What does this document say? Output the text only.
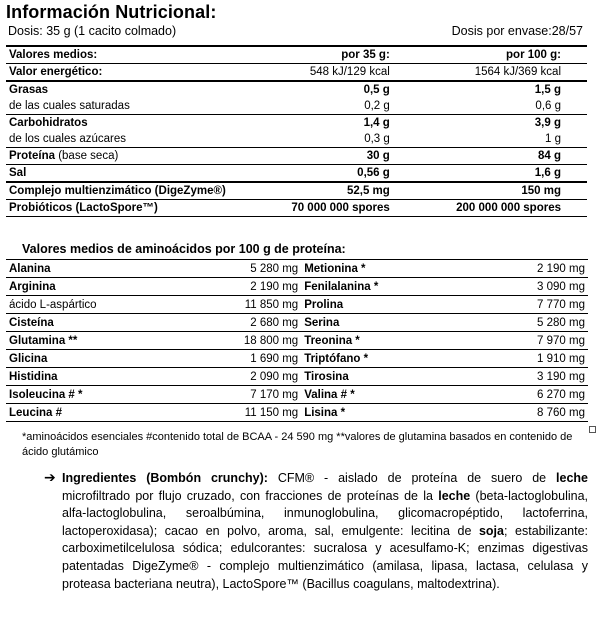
Información Nutricional:
Dosis: 35 g (1 cacito colmado)	Dosis por envase:28/57
Valores medios:	por 35 g:	por 100 g:
Valor energético:	548 kJ/129 kcal	1564 kJ/369 kcal
Grasas	0,5 g	1,5 g
de las cuales saturadas	0,2 g	0,6 g
Carbohidratos	1,4 g	3,9 g
de los cuales azúcares	0,3 g	1 g
Proteína (base seca)	30 g	84 g
Sal	0,56 g	1,6 g
Complejo multienzimático (DigeZyme®)	52,5 mg	150 mg
Probióticos (LactoSpore™)	70 000 000 spores	200 000 000 spores
Valores medios de aminoácidos por 100 g de proteína:
Alanina	5 280 mg	Metionina *	2 190 mg
Arginina	2 190 mg	Fenilalanina *	3 090 mg
ácido L-aspártico	11 850 mg	Prolina	7 770 mg
Cisteína	2 680 mg	Serina	5 280 mg
Glutamina **	18 800 mg	Treonina *	7 970 mg
Glicina	1 690 mg	Triptófano *	1 910 mg
Histidina	2 090 mg	Tirosina	3 190 mg
Isoleucina # *	7 170 mg	Valina # *	6 270 mg
Leucina #	11 150 mg	Lisina *	8 760 mg
*aminoácidos esenciales #contenido total de BCAA - 24 590 mg **valores de glutamina basados en contenido de ácido glutámico
➔ Ingredientes (Bombón crunchy): CFM® - aislado de proteína de suero de leche microfiltrado por flujo cruzado, con fracciones de proteínas de la leche (beta-lactoglobulina, alfa-lactoglobulina, seroalbúmina, inmunoglobulina, glicomacropéptido, lactoferrina, lactoperoxidasa); cacao en polvo, aroma, sal, emulgente: lecitina de soja; estabilizante: carboximetilcelulosa sódica; edulcorantes: sucralosa y acesulfamo-K; enzimas digestivas patentadas DigeZyme® - complejo multienzimático (amilasa, lipasa, lactasa, celulasa y proteasa bacteriana neutra), LactoSpore™ (Bacillus coagulans, maltodextrina).
